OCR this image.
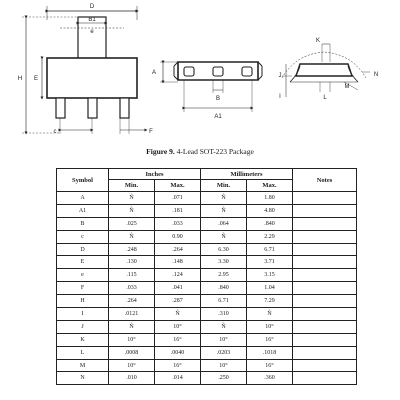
D
B1
e
H E
c	F
A
B
A1
K
J
I	L
M
N
Figure 9. 4-Lead SOT-223 Package
Symbol	Inches		Millimeters		Notes
	Min.	Max.	Min.	Max.	
A	Ñ	.071	Ñ	1.80	
A1	Ñ	.181	Ñ	4.80	
B	.025	.033	.064	.840	
c	Ñ	0.90	Ñ	2.29	
D	.248	.264	6.30	6.71	
E	.130	.148	3.30	3.71	
e	.115	.124	2.95	3.15	
F	.033	.041	.840	1.04	
H	.264	.287	6.71	7.29	
I	.0121	Ñ	.310	Ñ	
J	Ñ	10°	Ñ	10°	
K	10°	16°	10°	16°	
L	.0008	.0040	.0203	.1018	
M	10°	16°	10°	16°	
N	.010	.014	.250	.360	
